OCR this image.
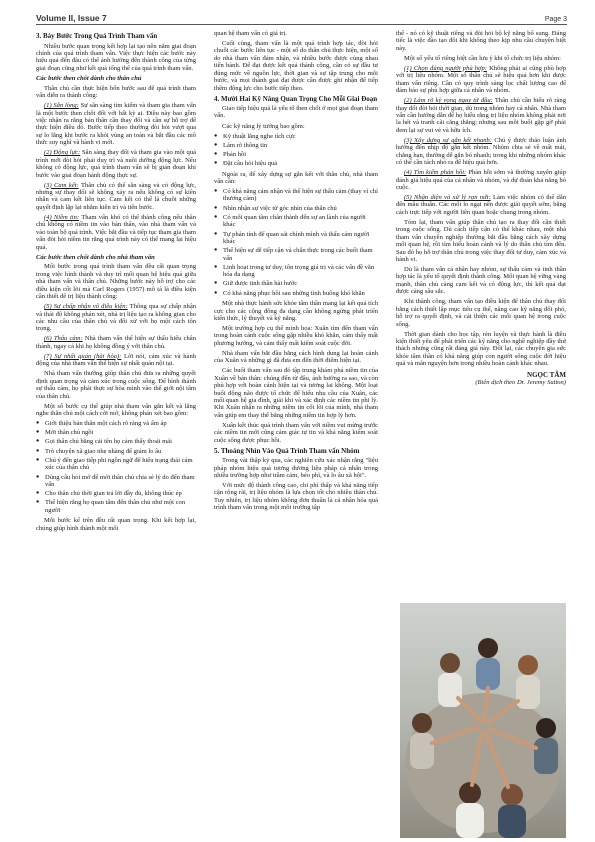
Volume II, Issue 7	Page 3
3. Bảy Bước Trong Quá Trình Tham vấn

Nhiều bước quan trọng kết hợp lại tạo nên năm giai đoạn chính của quá trình tham vấn. Việc thực hiện các bước này hiệu quả đến đâu có thể ảnh hưởng đến thành công của từng giai đoạn cũng như kết quả tổng thể của quá trình tham vấn.

Các bước then chốt dành cho thân chủ

Thân chủ cần thực hiện bốn bước sau để quá trình tham vấn diễn ra thành công:

(1) Sẵn lòng: Sự sẵn sàng tìm kiếm và tham gia tham vấn là một bước then chốt đối với bất kỳ ai. Điều này bao gồm việc nhận ra rằng bản thân cần thay đổi và cần sự hỗ trợ để thực hiện điều đó. Bước tiếp theo thường đòi hỏi vượt qua sự lo lắng khi bước ra khỏi vùng an toàn và bắt đầu các mô thức suy nghĩ và hành vi mới.

(2) Động lực: Sẵn sàng thay đổi và tham gia vào một quá trình mới đòi hỏi phải duy trì và nuôi dưỡng động lực. Nếu không có động lực, quá trình tham vấn sẽ bị gián đoạn khi bước vào giai đoạn hành động thực sự.

(3) Cam kết: Thân chủ có thể sẵn sàng và có động lực, nhưng sự thay đổi sẽ không xảy ra nếu không có sự kiên nhẫn và cam kết liên tục. Cam kết có thể là chuỗi những quyết định lặp lại nhằm kiên trì và tiến bước.

(4) Niềm tin: Tham vấn khó có thể thành công nếu thân chủ không có niềm tin vào bản thân, vào nhà tham vấn và vào toàn bộ quá trình. Việc bắt đầu và tiếp tục tham gia tham vấn đòi hỏi niềm tin rằng quá trình này có thể mang lại hiệu quả.

Các bước then chốt dành cho nhà tham vấn

Mối bước trong quá trình tham vấn đều rất quan trọng trong việc hình thành và duy trì mối quan hệ hiệu quả giữa nhà tham vấn và thân chủ. Những bước này hỗ trợ cho các điều kiện cốt lõi mà Carl Rogers (1957) mô tả là điều kiện cần thiết để trị liệu thành công:

(5) Sự chấp nhận vô điều kiện: Thông qua sự chấp nhận và thái độ không phán xét, nhà trị liệu tạo ra không gian cho các nhu cầu của thân chủ và đối xử với họ một cách tôn trọng.

(6) Thấu cảm: Nhà tham vấn thể hiện sự thấu hiểu chân thành, ngay cả khi họ không đồng ý với thân chủ.

(7) Sự nhất quán (hài hòa): Lời nói, cảm xúc và hành động của nhà tham vấn thể hiện sự nhất quán nội tại.

Nhà tham vấn thường giúp thân chủ đưa ra những quyết định quan trọng và cảm xúc trong cuộc sống. Để hình thành sự thấu cảm, họ phải thực sự hòa mình vào thế giới nội tâm của thân chủ.

Một số bước cụ thể giúp nhà tham vấn gắn kết và lắng nghe thân chủ một cách cởi mở, không phán xét bao gồm:

● Giới thiệu bản thân một cách rõ ràng và ấm áp
● Mời thân chủ ngồi
● Gọi thân chủ bằng cái tên họ cảm thấy thoải mái
● Trò chuyện xã giao nhẹ nhàng để giảm lo âu
● Chú ý đến giao tiếp phi ngôn ngữ để hiểu trạng thái cảm xúc của thân chủ
● Dùng câu hỏi mở để mời thân chủ chia sẻ lý do đến tham vấn
● Cho thân chủ thời gian trả lời đầy đủ, không thúc ép
● Thể hiện rằng họ quan tâm đến thân chủ như một con người

Mỗi bước kể trên đều rất quan trọng. Khi kết hợp lại, chúng giúp hình thành một mối

quan hệ tham vấn có giá trị.

Cuối cùng, tham vấn là một quá trình hợp tác, đòi hỏi chuỗi các bước liên tục - một số do thân chủ thực hiện, một số do nhà tham vấn đảm nhận, và nhiều bước được cùng nhau tiến hành. Để đạt được kết quả thành công, cần có sự đầu tư đúng mức về nguồn lực, thời gian và sự tập trung cho mỗi bước, và mọi thành giai đạt được cần được ghi nhận để tiếp thêm động lực cho bước tiếp theo.

4. Mười Hai Kỹ Năng Quan Trọng Cho Mỗi Giai Đoạn

Giao tiếp hiệu quả là yếu tố then chốt ở mọi giai đoạn tham vấn.

Các kỹ năng lý tưởng bao gồm:

● Kỹ thuật lắng nghe tích cực
● Làm rõ thông tin
● Phản hồi
● Đặt câu hỏi hiệu quả

Ngoài ra, để xây dựng sự gắn kết với thân chủ, nhà tham vấn cần:

● Có khả năng cảm nhận và thể hiện sự thấu cảm (thay vì chỉ thương cảm)
● Nhìn nhận sự việc từ góc nhìn của thân chủ
● Có mối quan tâm chân thành đến sự an lành của người khác
● Tự phản tỉnh để quan sát chính mình và thấu cảm người khác
● Thể hiện sự dễ tiếp cận và chân thực trong các buổi tham vấn
● Linh hoạt trong tư duy, tôn trọng giá trị và các vấn đề văn hóa đa dạng
● Giữ được tinh thần hài hước
● Có khả năng phục hồi sau những tình huống khó khăn

Một nhà thực hành sức khỏe tâm thần mang lại kết quả tích cực cho các cộng đồng đa dạng cần không ngừng phát triển kiến thức, lý thuyết và kỹ năng.

Một trường hợp cụ thể minh họa: Xuân tìm đến tham vấn trong hoàn cảnh cuộc sống gặp nhiều khó khăn, cảm thấy mất phương hướng, và cảm thấy mất kiểm soát cuộc đời.

Nhà tham vấn bắt đầu bằng cách hình dung lại hoàn cảnh của Xuân và những gì đã đưa em đến thời điểm hiện tại.

Các buổi tham vấn sau đó tập trung khám phá niềm tin của Xuân về bản thân: chúng đến từ đâu, ảnh hưởng ra sao, và còn phù hợp với hoàn cảnh hiện tại và tương lai không. Một loạt buổi động não được tổ chức để hiểu nhu cầu của Xuân, các mối quan hệ gia đình, giải khi và xác định các niềm tin phi lý. Khi Xuân nhận ra những niềm tin cốt lõi của mình, nhà tham vấn giúp em thay thế bằng những niềm tin hợp lý hơn.

Xuân kết thúc quá trình tham vấn với niềm vui mừng trước các niềm tin mới cũng cảm giác tự tin và khả năng kiểm soát cuộc sống được phục hồi.

5. Thoáng Nhìn Vào Quá Trình Tham vấn Nhóm

Trong vài thập kỷ qua, các nghiên cứu xác nhận rằng "liệu pháp nhóm hiệu quả tương đương liệu pháp cá nhân trong nhiều trường hợp như trầm cảm, béo phì, và lo âu xã hội".

Với mức độ thành công cao, chi phí thấp và khả năng tiếp cận rộng rãi, trị liệu nhóm là lựa chọn tốt cho nhiều thân chủ. Tuy nhiên, trị liệu nhóm không đơn thuần là cá nhân hóa quá trình tham vấn trong một môi trường tập

thể - nó có kỹ thuật riêng và đòi hỏi bộ kỹ năng bổ sung. Đáng tiếc là việc đào tạo đôi khi không theo kịp nhu cầu chuyên biệt này.

Một số yếu tố riêng biệt cần lưu ý khi tổ chức trị liệu nhóm:

(1) Chọn đúng người phù hợp: Không phải ai cũng phù hợp với trị liệu nhóm. Một số thân chủ sẽ hiệu quả hơn khi được tham vấn riêng. Cần có quy trình sàng lọc chất lượng cao để đảm bảo sự phù hợp giữa cá nhân và nhóm.

(2) Làm rõ kỳ vọng ngay từ đầu: Thân chủ cần hiểu rõ ràng thay đổi đòi hỏi thời gian, dù trong nhóm hay cá nhân. Nhà tham vấn cần hướng dẫn để họ hiểu rằng trị liệu nhóm không phải nơi la hét và tranh cãi căng thẳng; nhưng sau mỗi buổi gặp gỡ phải đem lại sự vui vẻ và hữu ích.

(3) Xây dựng sự gắn kết nhanh: Chú ý được thảo luận ảnh hưởng đến nhịp độ gắn kết nhóm. Nhóm chia sẻ về mất mát, chẳng hạn, thường dễ gắn bó nhanh; trong khi những nhóm khác có thể cần tách nhỏ ra để hiệu quả hơn.

(4) Tìm kiếm phản hồi: Phản hồi sớm và thường xuyên giúp đánh giá hiệu quả của cá nhân và nhóm, và dự đoán khả năng bỏ cuộc.

(5) Nhận diện và xử lý rạn nứt: Làm việc nhóm có thể dẫn đến mâu thuẫn. Các mối lo ngại nên được giải quyết sớm, bằng cách trực tiếp với người liên quan hoặc chung trong nhóm.

Tóm lại, tham vấn giúp thân chủ tạo ra thay đổi cần thiết trong cuộc sống. Dù cách tiếp cận có thể khác nhau, một nhà tham vấn chuyên nghiệp thường bắt đầu bằng cách xây dựng mối quan hệ, rồi tìm hiểu hoàn cảnh và lý do thân chủ tìm đến. Sau đó họ hỗ trợ thân chủ trong việc thay đổi tư duy, cảm xúc và hành vi.

Dù là tham vấn cá nhân hay nhóm, sự thấu cảm và tinh thần hợp tác là yếu tố quyết định thành công. Mối quan hệ vững vàng mạnh, thân chủ càng cam kết và có động lực, thì kết quả đạt được càng sâu sắc.

Khi thành công, tham vấn tạo điều kiện để thân chủ thay đổi bằng cách thiết lập mục tiêu cụ thể, nâng cao kỹ năng đối phó, hỗ trợ ra quyết định, và cải thiện các mối quan hệ trong cuộc sống.

Thời gian dành cho học tập, rèn luyện và thực hành là điều kiện thiết yếu để phát triển các kỹ năng cho nghề nghiệp đầy thử thách nhưng cũng rất đáng giá này. Đổi lại, các chuyên gia sức khỏe tâm thần có khả năng giúp con người sống cuộc đời hiệu quả và mãn nguyện hơn trong nhiều hoàn cảnh khác nhau.

NGỌC TÂM
(Biên dịch theo Dr. Jeremy Sutton)
